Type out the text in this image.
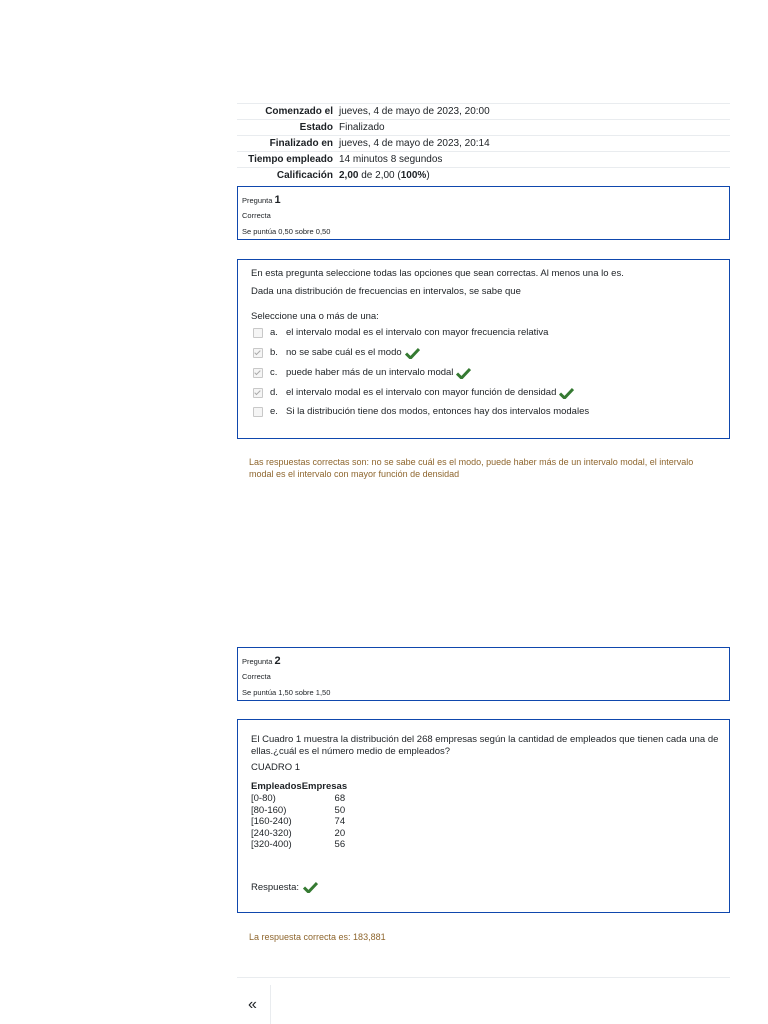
Comenzado el	jueves, 4 de mayo de 2023, 20:00
Estado	Finalizado
Finalizado en	jueves, 4 de mayo de 2023, 20:14
Tiempo empleado	14 minutos 8 segundos
Calificación	2,00 de 2,00 (100%)
Pregunta 1
Correcta
Se puntúa 0,50 sobre 0,50
En esta pregunta seleccione todas las opciones que sean correctas. Al menos una lo es.
Dada una distribución de frecuencias en intervalos, se sabe que
Seleccione una o más de una:
a. el intervalo modal es el intervalo con mayor frecuencia relativa
b. no se sabe cuál es el modo
c. puede haber más de un intervalo modal
d. el intervalo modal es el intervalo con mayor función de densidad
e. Si la distribución tiene dos modos, entonces hay dos intervalos modales
Las respuestas correctas son: no se sabe cuál es el modo, puede haber más de un intervalo modal, el intervalo modal es el intervalo con mayor función de densidad
Pregunta 2
Correcta
Se puntúa 1,50 sobre 1,50
El Cuadro 1 muestra la distribución del 268 empresas según la cantidad de empleados que tienen cada una de ellas.¿cuál es el número medio de empleados?
CUADRO 1
Empleados	Empresas
[0-80)	68
[80-160)	50
[160-240)	74
[240-320)	20
[320-400)	56
Respuesta:
La respuesta correcta es: 183,881
«
